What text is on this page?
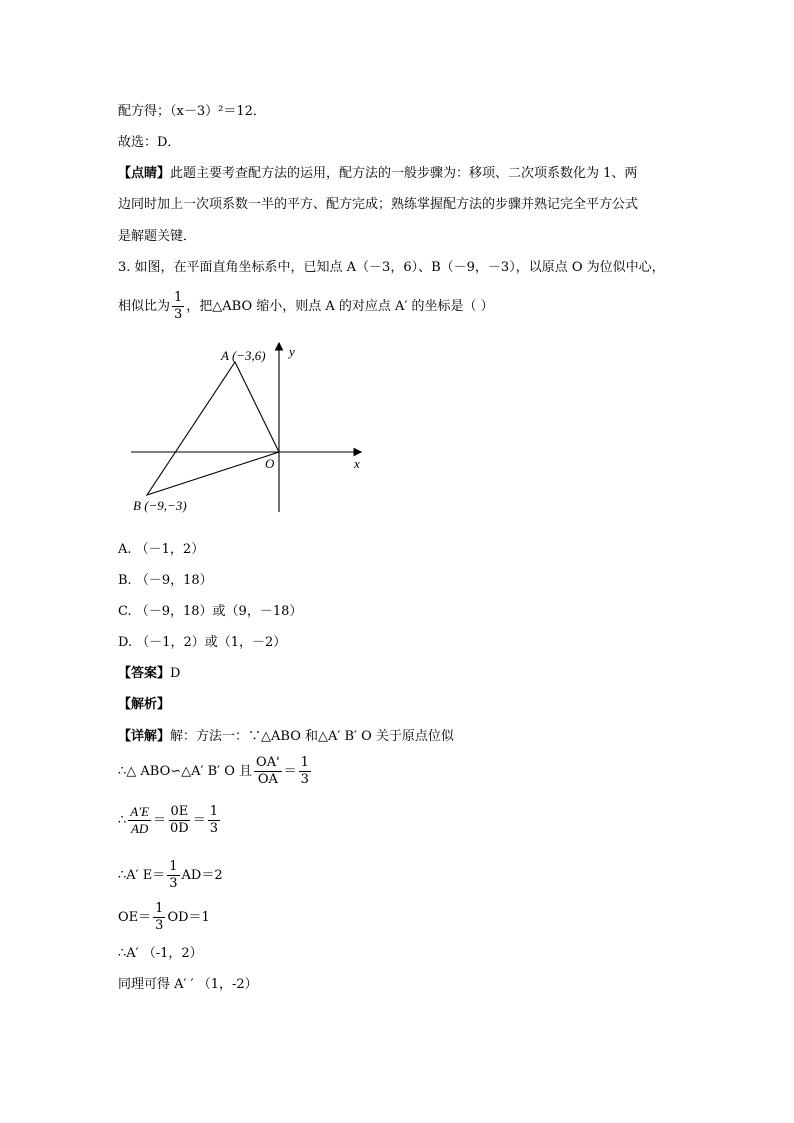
配方得；（x－3）²＝12．
故选：D．
【点睛】此题主要考查配方法的运用，配方法的一般步骤为：移项、二次项系数化为 1、两
边同时加上一次项系数一半的平方、配方完成；熟练掌握配方法的步骤并熟记完全平方公式
是解题关键．
3. 如图，在平面直角坐标系中，已知点 A（－3，6）、B（－9，－3），以原点 O 为位似中心，
相似比为 $\frac{1}{3}$ ，把△ABO 缩小，则点 A 的对应点 A′ 的坐标是（ ）
A (−3,6)
B (−9,−3)
O	x
y
A. （－1，2）
B. （－9，18）
C. （－9，18）或（9，－18）
D. （－1，2）或（1，－2）
【答案】D
【解析】
【详解】解：方法一：∵△ABO 和△A′ B′ O 关于原点位似
∴△ ABO∽△A′ B′ O 且 $\frac{OA'}{OA} = \frac{1}{3}$
∴ $\frac{A'E}{AD} = \frac{0E}{0D} = \frac{1}{3}$
∴A′ $E= \frac{1}{3} AD=2$
$OE= \frac{1}{3} OD=1$
∴A′ （-1，2）
同理可得 A′ ′ （1，-2）
